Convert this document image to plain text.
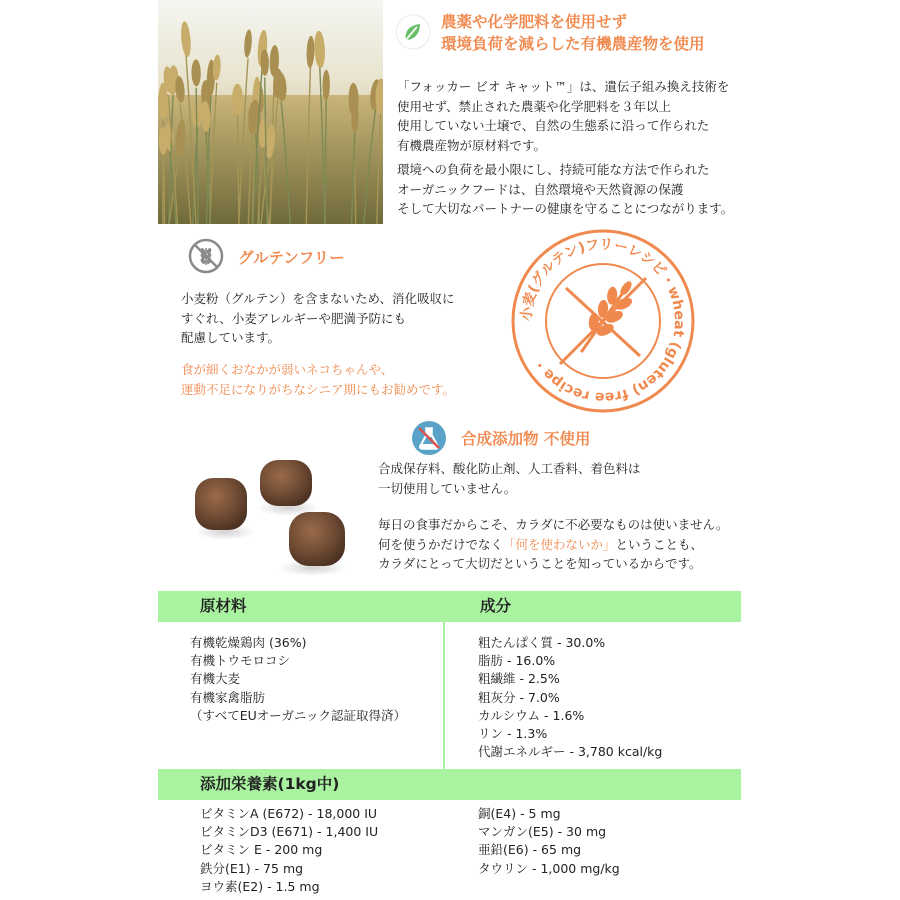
農薬や化学肥料を使用せず
環境負荷を減らした有機農産物を使用
「フォッカー ビオ キャット™」は、遺伝子組み換え技術を
使用せず、禁止された農薬や化学肥料を３年以上
使用していない土壌で、自然の生態系に沿って作られた
有機農産物が原材料です。
環境への負荷を最小限にし、持続可能な方法で作られた
オーガニックフードは、自然環境や天然資源の保護
そして大切なパートナーの健康を守ることにつながります。
グルテンフリー
小麦粉（グルテン）を含まないため、消化吸収に
すぐれ、小麦アレルギーや肥満予防にも
配慮しています。
食が細くおなかが弱いネコちゃんや、
運動不足になりがちなシニア期にもお勧めです。
小麦(グルテン)フリーレシピ・wheat (gluten) free recipe・
合成添加物 不使用
合成保存料、酸化防止剤、人工香料、着色料は
一切使用していません。
毎日の食事だからこそ、カラダに不必要なものは使いません。
何を使うかだけでなく「何を使わないか」ということも、
カラダにとって大切だということを知っているからです。
原材料	成分
有機乾燥鶏肉 (36%)
有機トウモロコシ
有機大麦
有機家禽脂肪
（すべてEUオーガニック認証取得済）
粗たんぱく質 - 30.0%
脂肪 - 16.0%
粗繊維 - 2.5%
粗灰分 - 7.0%
カルシウム - 1.6%
リン - 1.3%
代謝エネルギー - 3,780 kcal/kg
添加栄養素(1kg中)
ビタミンA (E672) - 18,000 IU
ビタミンD3 (E671) - 1,400 IU
ビタミン E - 200 mg
鉄分(E1) - 75 mg
ヨウ素(E2) - 1.5 mg
銅(E4) - 5 mg
マンガン(E5) - 30 mg
亜鉛(E6) - 65 mg
タウリン - 1,000 mg/kg
